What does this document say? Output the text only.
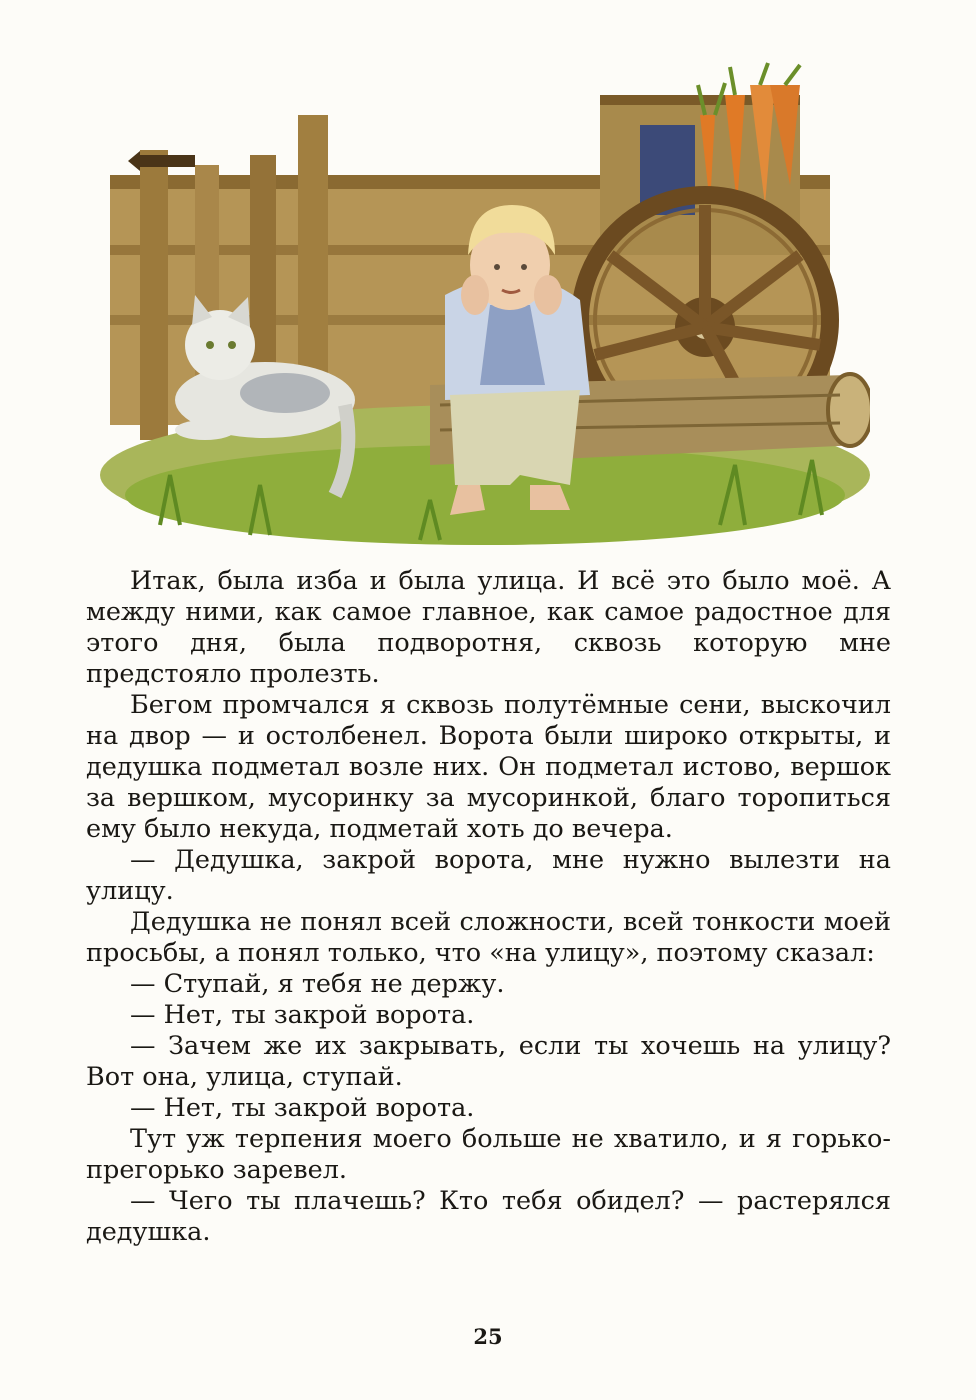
Итак, была изба и была улица. И всё это было моё. А между ними, как самое главное, как самое радостное для этого дня, была подворотня, сквозь которую мне предстояло пролезть.

Бегом промчался я сквозь полутёмные сени, выскочил на двор — и остолбенел. Ворота были широко открыты, и дедушка подметал возле них. Он подметал истово, вершок за вершком, мусоринку за мусоринкой, благо торопиться ему было некуда, подметай хоть до вечера.

— Дедушка, закрой ворота, мне нужно вылезти на улицу.

Дедушка не понял всей сложности, всей тонкости моей просьбы, а понял только, что «на улицу», поэтому сказал:

— Ступай, я тебя не держу.

— Нет, ты закрой ворота.

— Зачем же их закрывать, если ты хочешь на улицу? Вот она, улица, ступай.

— Нет, ты закрой ворота.

Тут уж терпения моего больше не хватило, и я горько-прегорько заревел.

— Чего ты плачешь? Кто тебя обидел? — растерялся дедушка.

25
